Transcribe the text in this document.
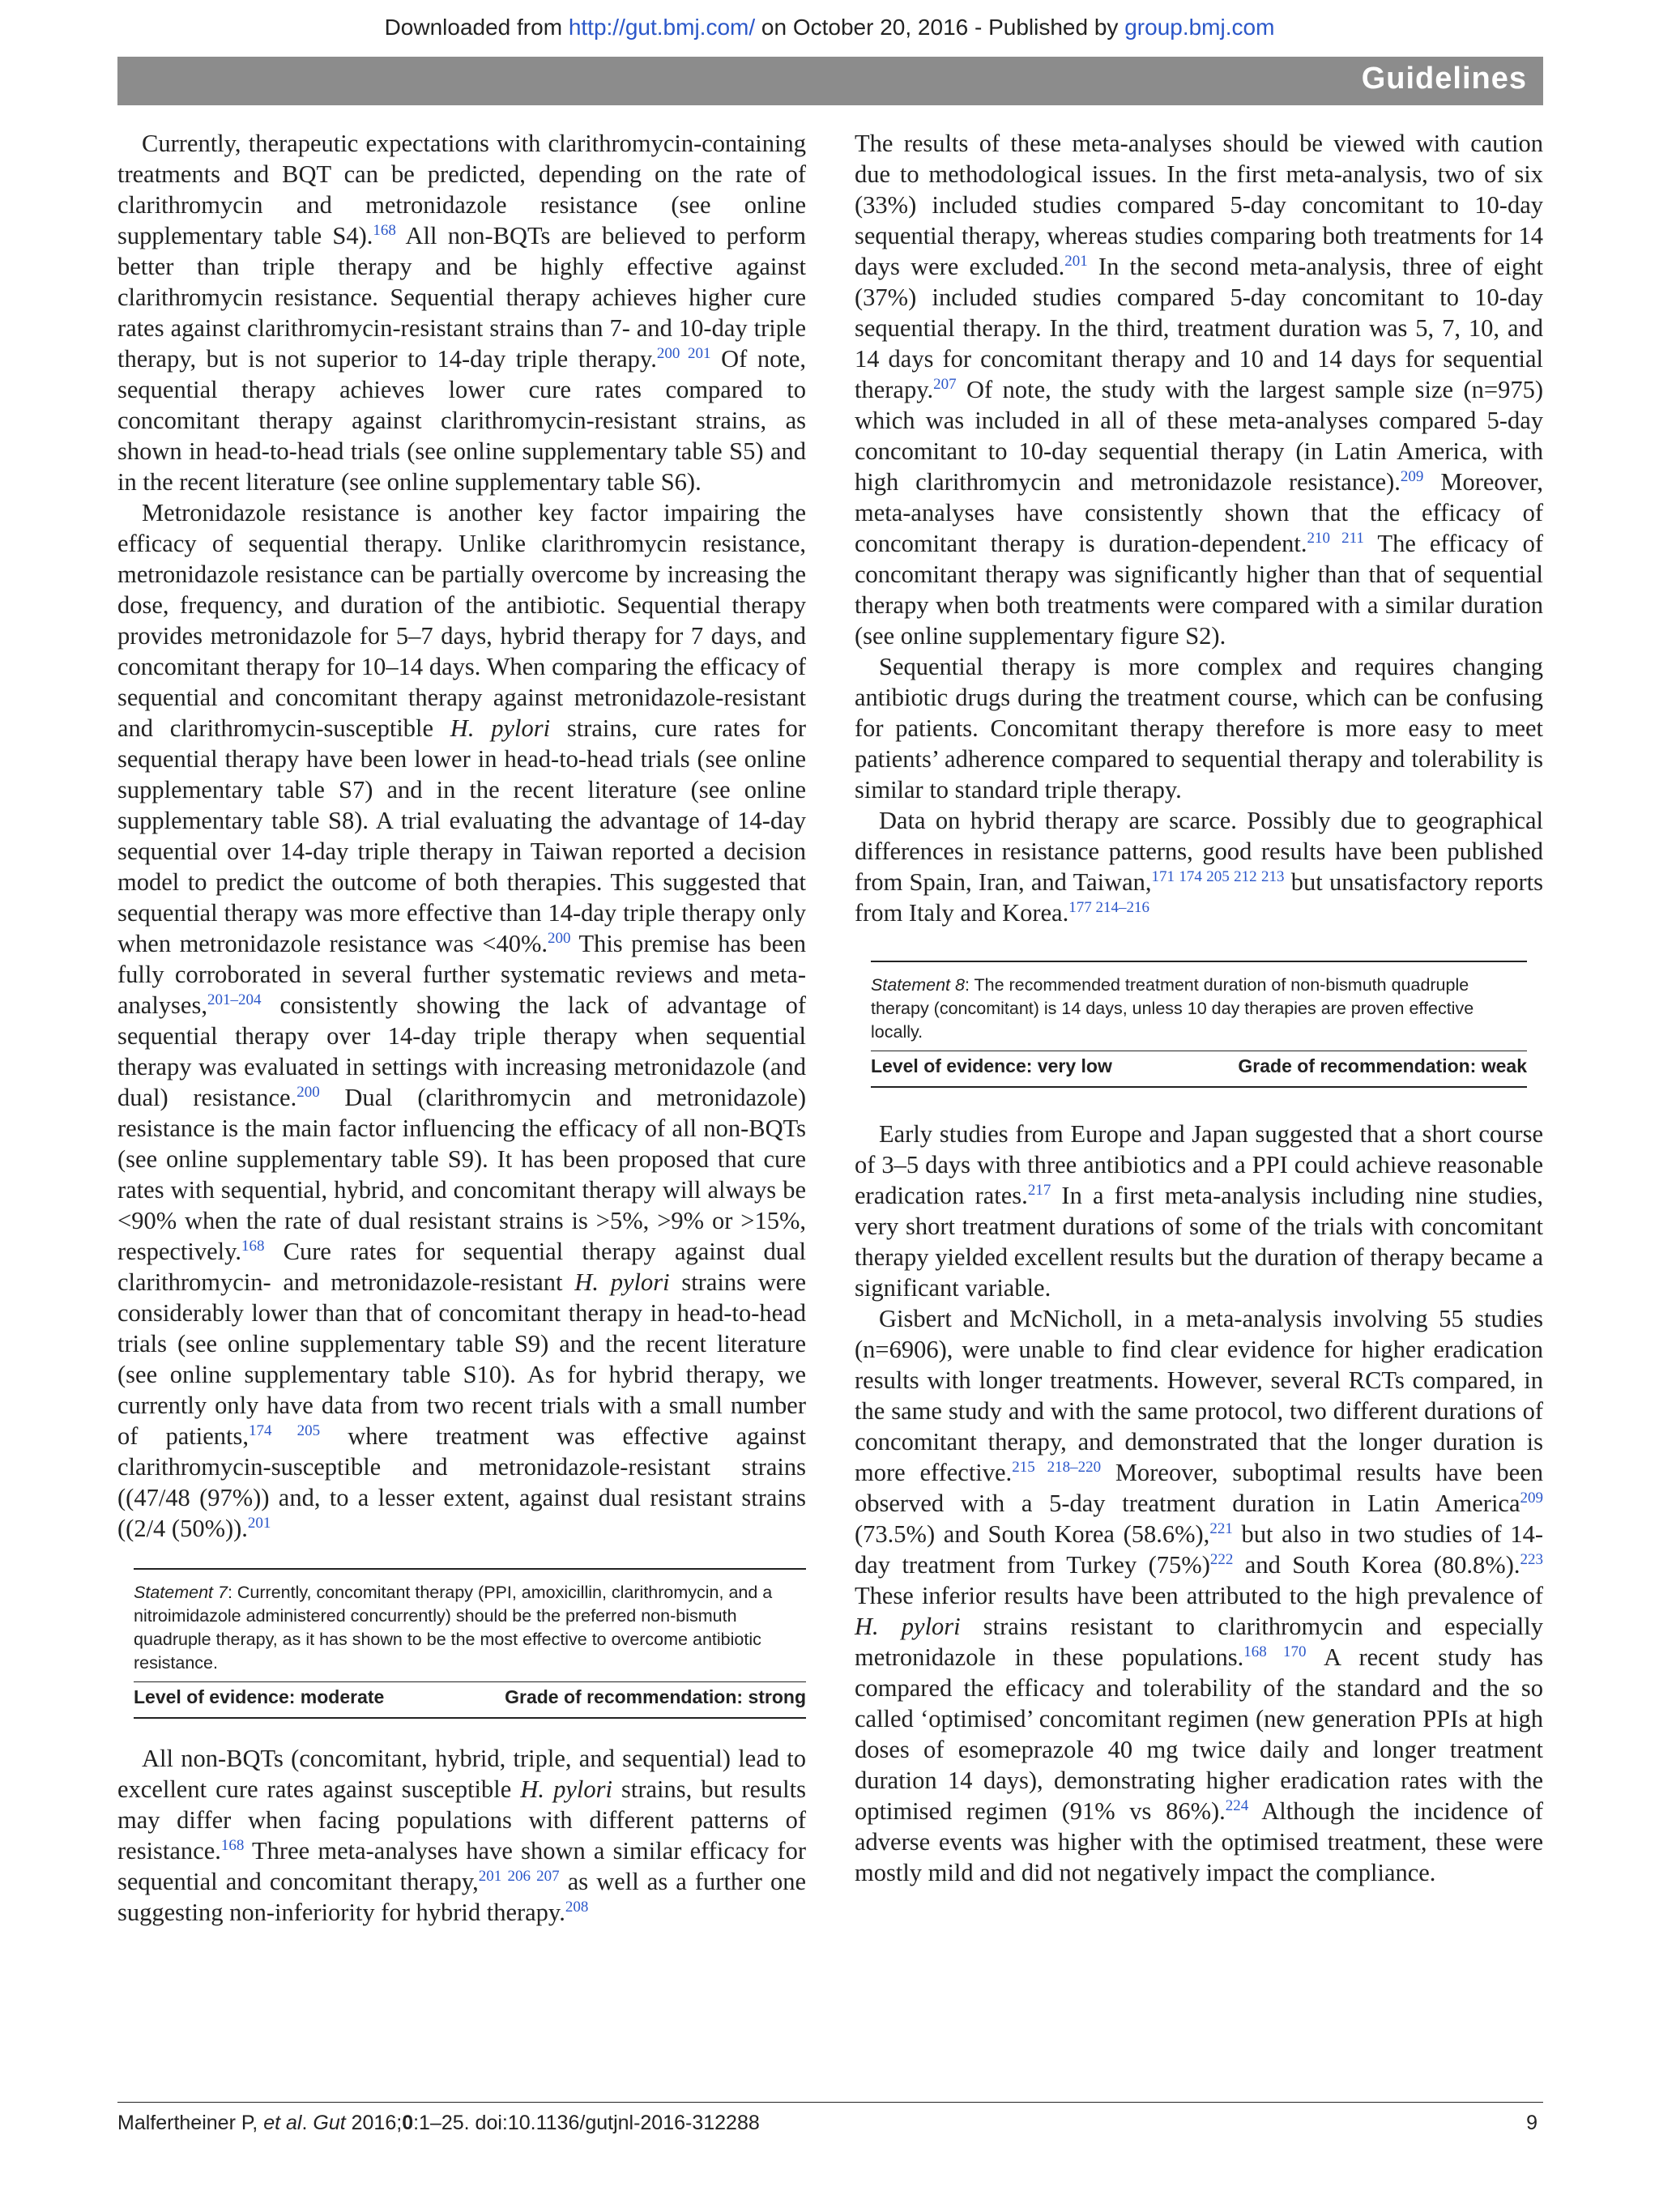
Downloaded from http://gut.bmj.com/ on October 20, 2016 - Published by group.bmj.com
Guidelines

Currently, therapeutic expectations with clarithromycin-containing treatments and BQT can be predicted, depending on the rate of clarithromycin and metronidazole resistance (see online supplementary table S4).$^{168}$ All non-BQTs are believed to perform better than triple therapy and be highly effective against clarithromycin resistance. Sequential therapy achieves higher cure rates against clarithromycin-resistant strains than 7- and 10-day triple therapy, but is not superior to 14-day triple therapy.$^{200 201}$ Of note, sequential therapy achieves lower cure rates compared to concomitant therapy against clarithromycin-resistant strains, as shown in head-to-head trials (see online supplementary table S5) and in the recent literature (see online supplementary table S6).

Metronidazole resistance is another key factor impairing the efficacy of sequential therapy. Unlike clarithromycin resistance, metronidazole resistance can be partially overcome by increasing the dose, frequency, and duration of the antibiotic. Sequential therapy provides metronidazole for 5–7 days, hybrid therapy for 7 days, and concomitant therapy for 10–14 days. When comparing the efficacy of sequential and concomitant therapy against metronidazole-resistant and clarithromycin-susceptible H. pylori strains, cure rates for sequential therapy have been lower in head-to-head trials (see online supplementary table S7) and in the recent literature (see online supplementary table S8). A trial evaluating the advantage of 14-day sequential over 14-day triple therapy in Taiwan reported a decision model to predict the outcome of both therapies. This suggested that sequential therapy was more effective than 14-day triple therapy only when metronidazole resistance was <40%.$^{200}$ This premise has been fully corroborated in several further systematic reviews and meta-analyses,$^{201-204}$ consistently showing the lack of advantage of sequential therapy over 14-day triple therapy when sequential therapy was evaluated in settings with increasing metronidazole (and dual) resistance.$^{200}$ Dual (clarithromycin and metronidazole) resistance is the main factor influencing the efficacy of all non-BQTs (see online supplementary table S9). It has been proposed that cure rates with sequential, hybrid, and concomitant therapy will always be <90% when the rate of dual resistant strains is >5%, >9% or >15%, respectively.$^{168}$ Cure rates for sequential therapy against dual clarithromycin- and metronidazole-resistant H. pylori strains were considerably lower than that of concomitant therapy in head-to-head trials (see online supplementary table S9) and the recent literature (see online supplementary table S10). As for hybrid therapy, we currently only have data from two recent trials with a small number of patients,$^{174 205}$ where treatment was effective against clarithromycin-susceptible and metronidazole-resistant strains ((47/48 (97%)) and, to a lesser extent, against dual resistant strains ((2/4 (50%)).$^{201}$

Statement 7: Currently, concomitant therapy (PPI, amoxicillin, clarithromycin, and a nitroimidazole administered concurrently) should be the preferred non-bismuth quadruple therapy, as it has shown to be the most effective to overcome antibiotic resistance.

Level of evidence: moderate	Grade of recommendation: strong

All non-BQTs (concomitant, hybrid, triple, and sequential) lead to excellent cure rates against susceptible H. pylori strains, but results may differ when facing populations with different patterns of resistance.$^{168}$ Three meta-analyses have shown a similar efficacy for sequential and concomitant therapy,$^{201 206 207}$ as well as a further one suggesting non-inferiority for hybrid therapy.$^{208}$

The results of these meta-analyses should be viewed with caution due to methodological issues. In the first meta-analysis, two of six (33%) included studies compared 5-day concomitant to 10-day sequential therapy, whereas studies comparing both treatments for 14 days were excluded.$^{201}$ In the second meta-analysis, three of eight (37%) included studies compared 5-day concomitant to 10-day sequential therapy. In the third, treatment duration was 5, 7, 10, and 14 days for concomitant therapy and 10 and 14 days for sequential therapy.$^{207}$ Of note, the study with the largest sample size (n=975) which was included in all of these meta-analyses compared 5-day concomitant to 10-day sequential therapy (in Latin America, with high clarithromycin and metronidazole resistance).$^{209}$ Moreover, meta-analyses have consistently shown that the efficacy of concomitant therapy is duration-dependent.$^{210 211}$ The efficacy of concomitant therapy was significantly higher than that of sequential therapy when both treatments were compared with a similar duration (see online supplementary figure S2).

Sequential therapy is more complex and requires changing antibiotic drugs during the treatment course, which can be confusing for patients. Concomitant therapy therefore is more easy to meet patients’ adherence compared to sequential therapy and tolerability is similar to standard triple therapy.

Data on hybrid therapy are scarce. Possibly due to geographical differences in resistance patterns, good results have been published from Spain, Iran, and Taiwan,$^{171 174 205 212 213}$ but unsatisfactory reports from Italy and Korea.$^{177 214-216}$

Statement 8: The recommended treatment duration of non-bismuth quadruple therapy (concomitant) is 14 days, unless 10 day therapies are proven effective locally.

Level of evidence: very low	Grade of recommendation: weak

Early studies from Europe and Japan suggested that a short course of 3–5 days with three antibiotics and a PPI could achieve reasonable eradication rates.$^{217}$ In a first meta-analysis including nine studies, very short treatment durations of some of the trials with concomitant therapy yielded excellent results but the duration of therapy became a significant variable.

Gisbert and McNicholl, in a meta-analysis involving 55 studies (n=6906), were unable to find clear evidence for higher eradication results with longer treatments. However, several RCTs compared, in the same study and with the same protocol, two different durations of concomitant therapy, and demonstrated that the longer duration is more effective.$^{215 218-220}$ Moreover, suboptimal results have been observed with a 5-day treatment duration in Latin America$^{209}$ (73.5%) and South Korea (58.6%),$^{221}$ but also in two studies of 14-day treatment from Turkey $(75\%)^{222}$ and South Korea (80.8%).$^{223}$ These inferior results have been attributed to the high prevalence of H. pylori strains resistant to clarithromycin and especially metronidazole in these populations.$^{168 170}$ A recent study has compared the efficacy and tolerability of the standard and the so called ‘optimised’ concomitant regimen (new generation PPIs at high doses of esomeprazole 40 mg twice daily and longer treatment duration 14 days), demonstrating higher eradication rates with the optimised regimen (91% vs 86%).$^{224}$ Although the incidence of adverse events was higher with the optimised treatment, these were mostly mild and did not negatively impact the compliance.

Malfertheiner P, et al. Gut 2016;0:1–25. doi:10.1136/gutjnl-2016-312288	9
